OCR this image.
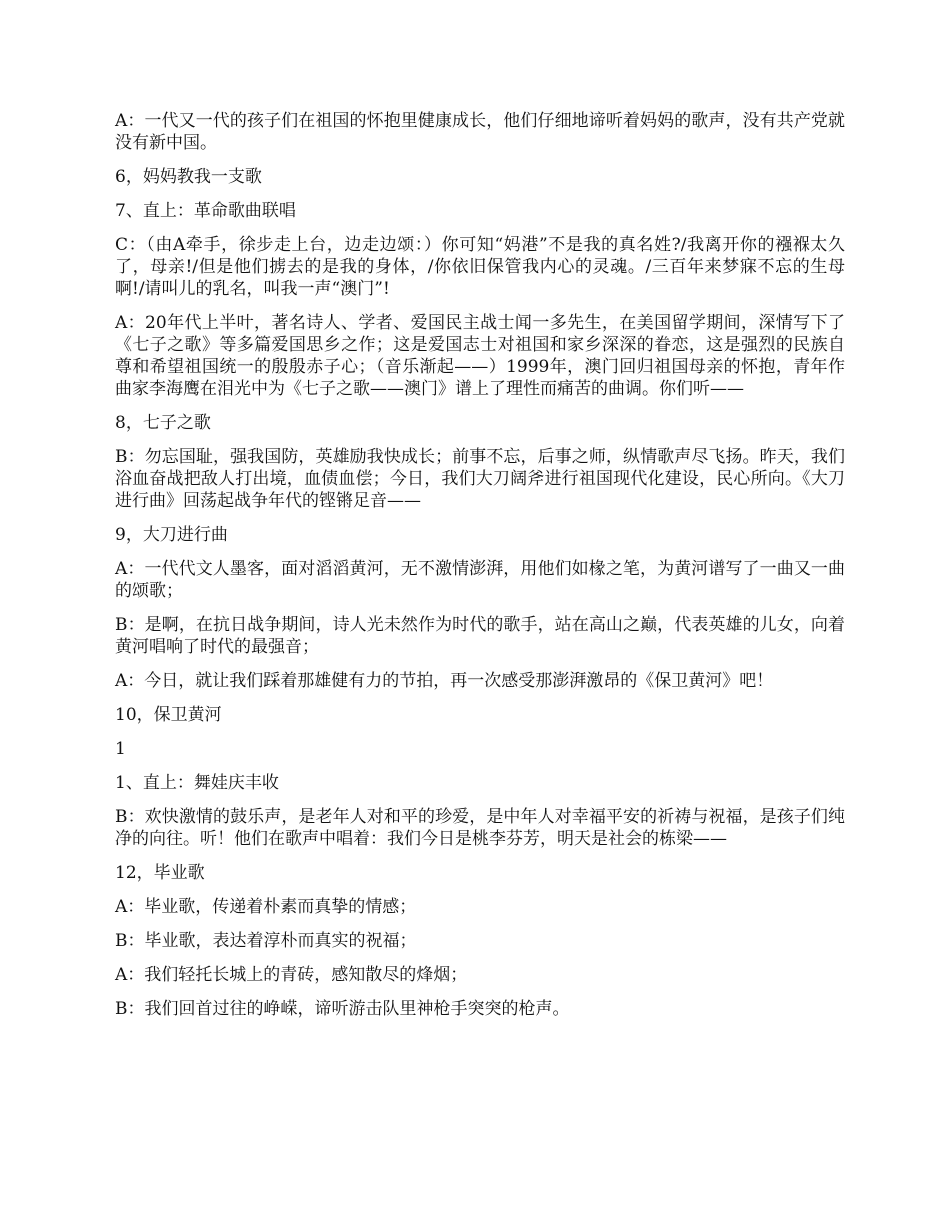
A：一代又一代的孩子们在祖国的怀抱里健康成长，他们仔细地谛听着妈妈的歌声，没有共产党就没有新中国。

6，妈妈教我一支歌

7、直上：革命歌曲联唱

C：（由A牵手，徐步走上台，边走边颂：）你可知“妈港”不是我的真名姓?/我离开你的襁褓太久了，母亲!/但是他们掳去的是我的身体，/你依旧保管我内心的灵魂。/三百年来梦寐不忘的生母啊!/请叫儿的乳名，叫我一声“澳门”!

A：20年代上半叶，著名诗人、学者、爱国民主战士闻一多先生，在美国留学期间，深情写下了《七子之歌》等多篇爱国思乡之作；这是爱国志士对祖国和家乡深深的眷恋，这是强烈的民族自尊和希望祖国统一的殷殷赤子心；（音乐渐起——）1999年，澳门回归祖国母亲的怀抱，青年作曲家李海鹰在泪光中为《七子之歌——澳门》谱上了理性而痛苦的曲调。你们听——

8，七子之歌

B：勿忘国耻，强我国防，英雄励我快成长；前事不忘，后事之师，纵情歌声尽飞扬。昨天，我们浴血奋战把敌人打出境，血债血偿；今日，我们大刀阔斧进行祖国现代化建设，民心所向。《大刀进行曲》回荡起战争年代的铿锵足音——

9，大刀进行曲

A：一代代文人墨客，面对滔滔黄河，无不激情澎湃，用他们如椽之笔，为黄河谱写了一曲又一曲的颂歌；

B：是啊，在抗日战争期间，诗人光未然作为时代的歌手，站在高山之巅，代表英雄的儿女，向着黄河唱响了时代的最强音；

A：今日，就让我们踩着那雄健有力的节拍，再一次感受那澎湃激昂的《保卫黄河》吧！

10，保卫黄河

1

1、直上：舞娃庆丰收

B：欢快激情的鼓乐声，是老年人对和平的珍爱，是中年人对幸福平安的祈祷与祝福，是孩子们纯净的向往。听！他们在歌声中唱着：我们今日是桃李芬芳，明天是社会的栋梁——

12，毕业歌

A：毕业歌，传递着朴素而真挚的情感；

B：毕业歌，表达着淳朴而真实的祝福；

A：我们轻托长城上的青砖，感知散尽的烽烟；

B：我们回首过往的峥嵘，谛听游击队里神枪手突突的枪声。
